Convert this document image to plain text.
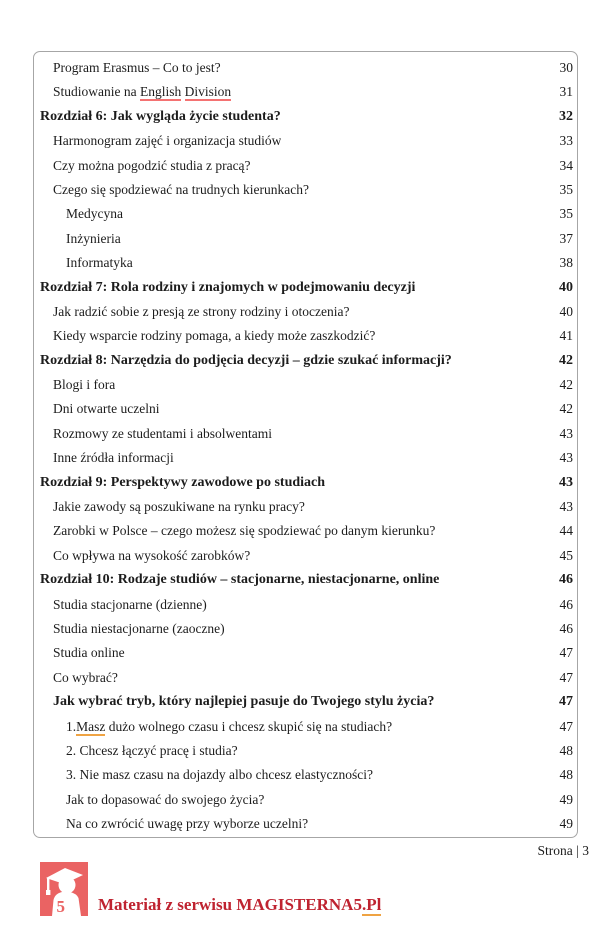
Program Erasmus – Co to jest?	30
Studiowanie na English Division	31
Rozdział 6: Jak wygląda życie studenta?	32
Harmonogram zajęć i organizacja studiów	33
Czy można pogodzić studia z pracą?	34
Czego się spodziewać na trudnych kierunkach?	35
Medycyna	35
Inżynieria	37
Informatyka	38
Rozdział 7: Rola rodziny i znajomych w podejmowaniu decyzji	40
Jak radzić sobie z presją ze strony rodziny i otoczenia?	40
Kiedy wsparcie rodziny pomaga, a kiedy może zaszkodzić?	41
Rozdział 8: Narzędzia do podjęcia decyzji – gdzie szukać informacji?	42
Blogi i fora	42
Dni otwarte uczelni	42
Rozmowy ze studentami i absolwentami	43
Inne źródła informacji	43
Rozdział 9: Perspektywy zawodowe po studiach	43
Jakie zawody są poszukiwane na rynku pracy?	43
Zarobki w Polsce – czego możesz się spodziewać po danym kierunku?	44
Co wpływa na wysokość zarobków?	45
Rozdział 10: Rodzaje studiów – stacjonarne, niestacjonarne, online	46
Studia stacjonarne (dzienne)	46
Studia niestacjonarne (zaoczne)	46
Studia online	47
Co wybrać?	47
Jak wybrać tryb, który najlepiej pasuje do Twojego stylu życia?	47
1.Masz dużo wolnego czasu i chcesz skupić się na studiach?	47
2. Chcesz łączyć pracę i studia?	48
3. Nie masz czasu na dojazdy albo chcesz elastyczności?	48
Jak to dopasować do swojego życia?	49
Na co zwrócić uwagę przy wyborze uczelni?	49
Strona | 3
5 Materiał z serwisu MAGISTERNA5.Pl
